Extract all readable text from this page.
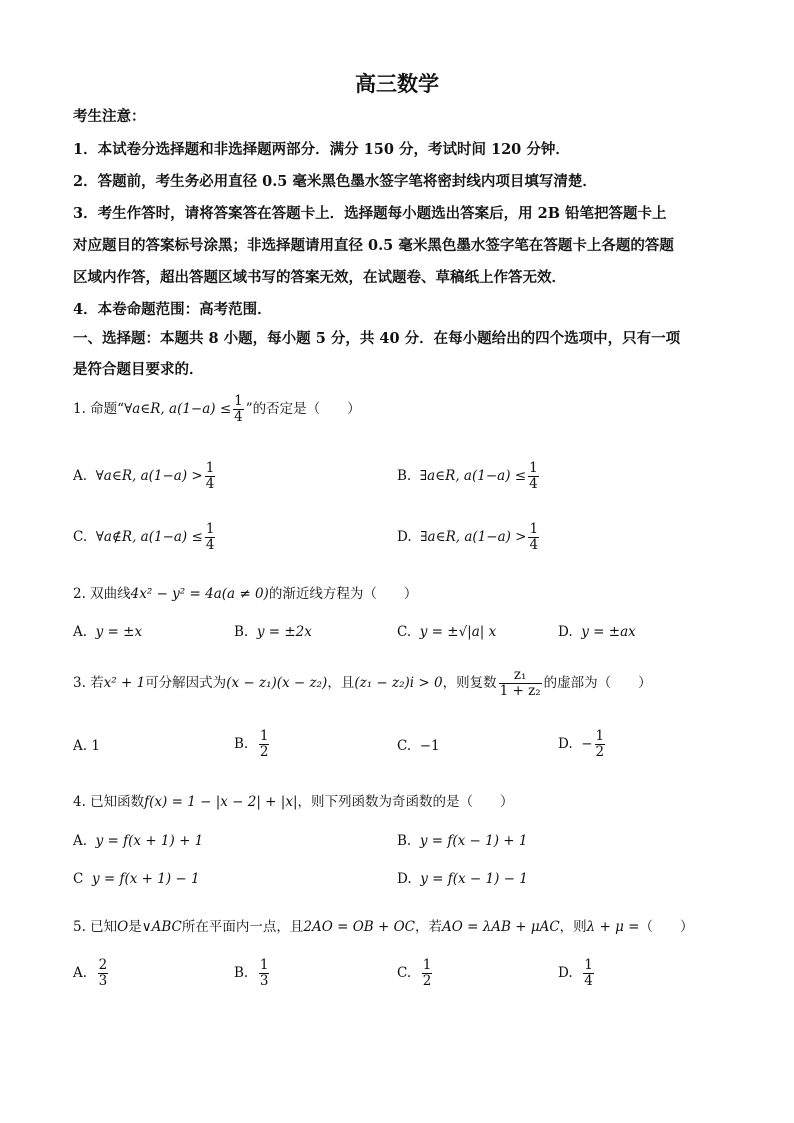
高三数学
考生注意：
1．本试卷分选择题和非选择题两部分．满分 150 分，考试时间 120 分钟．
2．答题前，考生务必用直径 0.5 毫米黑色墨水签字笔将密封线内项目填写清楚．
3．考生作答时，请将答案答在答题卡上．选择题每小题选出答案后，用 2B 铅笔把答题卡上
对应题目的答案标号涂黑；非选择题请用直径 0.5 毫米黑色墨水签字笔在答题卡上各题的答题
区域内作答，超出答题区域书写的答案无效，在试题卷、草稿纸上作答无效．
4．本卷命题范围：高考范围．
一、选择题：本题共 8 小题，每小题 5 分，共 40 分．在每小题给出的四个选项中，只有一项
是符合题目要求的．
1. 命题“∀a∈R, $a(1-a) \le \frac{1}{4}$ ”的否定是（　　）
A. ∀a∈R, $a(1-a) > \frac{1}{4}$	B. ∃a∈R, $a(1-a) \le \frac{1}{4}$
C. ∀a∉R, $a(1-a) \le \frac{1}{4}$	D. ∃a∈R, $a(1-a) > \frac{1}{4}$
2. 双曲线4x² − y² = 4a(a ≠ 0)的渐近线方程为（　　）
A. y = ±x	B. y = ±2x	C. y = ±√|a| x	D. y = ±ax
3. 若x² + 1可分解因式为(x − z₁)(x − z₂)，且(z₁ − z₂)i > 0，则复数 $\frac{\text{z₁}}{\text{1 + z₂}}$ 的虚部为（　　）
A. 1	B. $\frac{1}{2}$	C. −1	D. − $\frac{1}{2}$
4. 已知函数f(x) = 1 − |x − 2| + |x|，则下列函数为奇函数的是（　　）
A. y = f(x + 1) + 1	B. y = f(x − 1) + 1
C y = f(x + 1) − 1	D. y = f(x − 1) − 1
5. 已知O是∨ABC所在平面内一点，且2AO = OB + OC，若AO = λAB + μAC，则λ + μ =（　　）
A. $\frac{2}{3}$	B. $\frac{1}{3}$	C. $\frac{1}{2}$	D. $\frac{1}{4}$
